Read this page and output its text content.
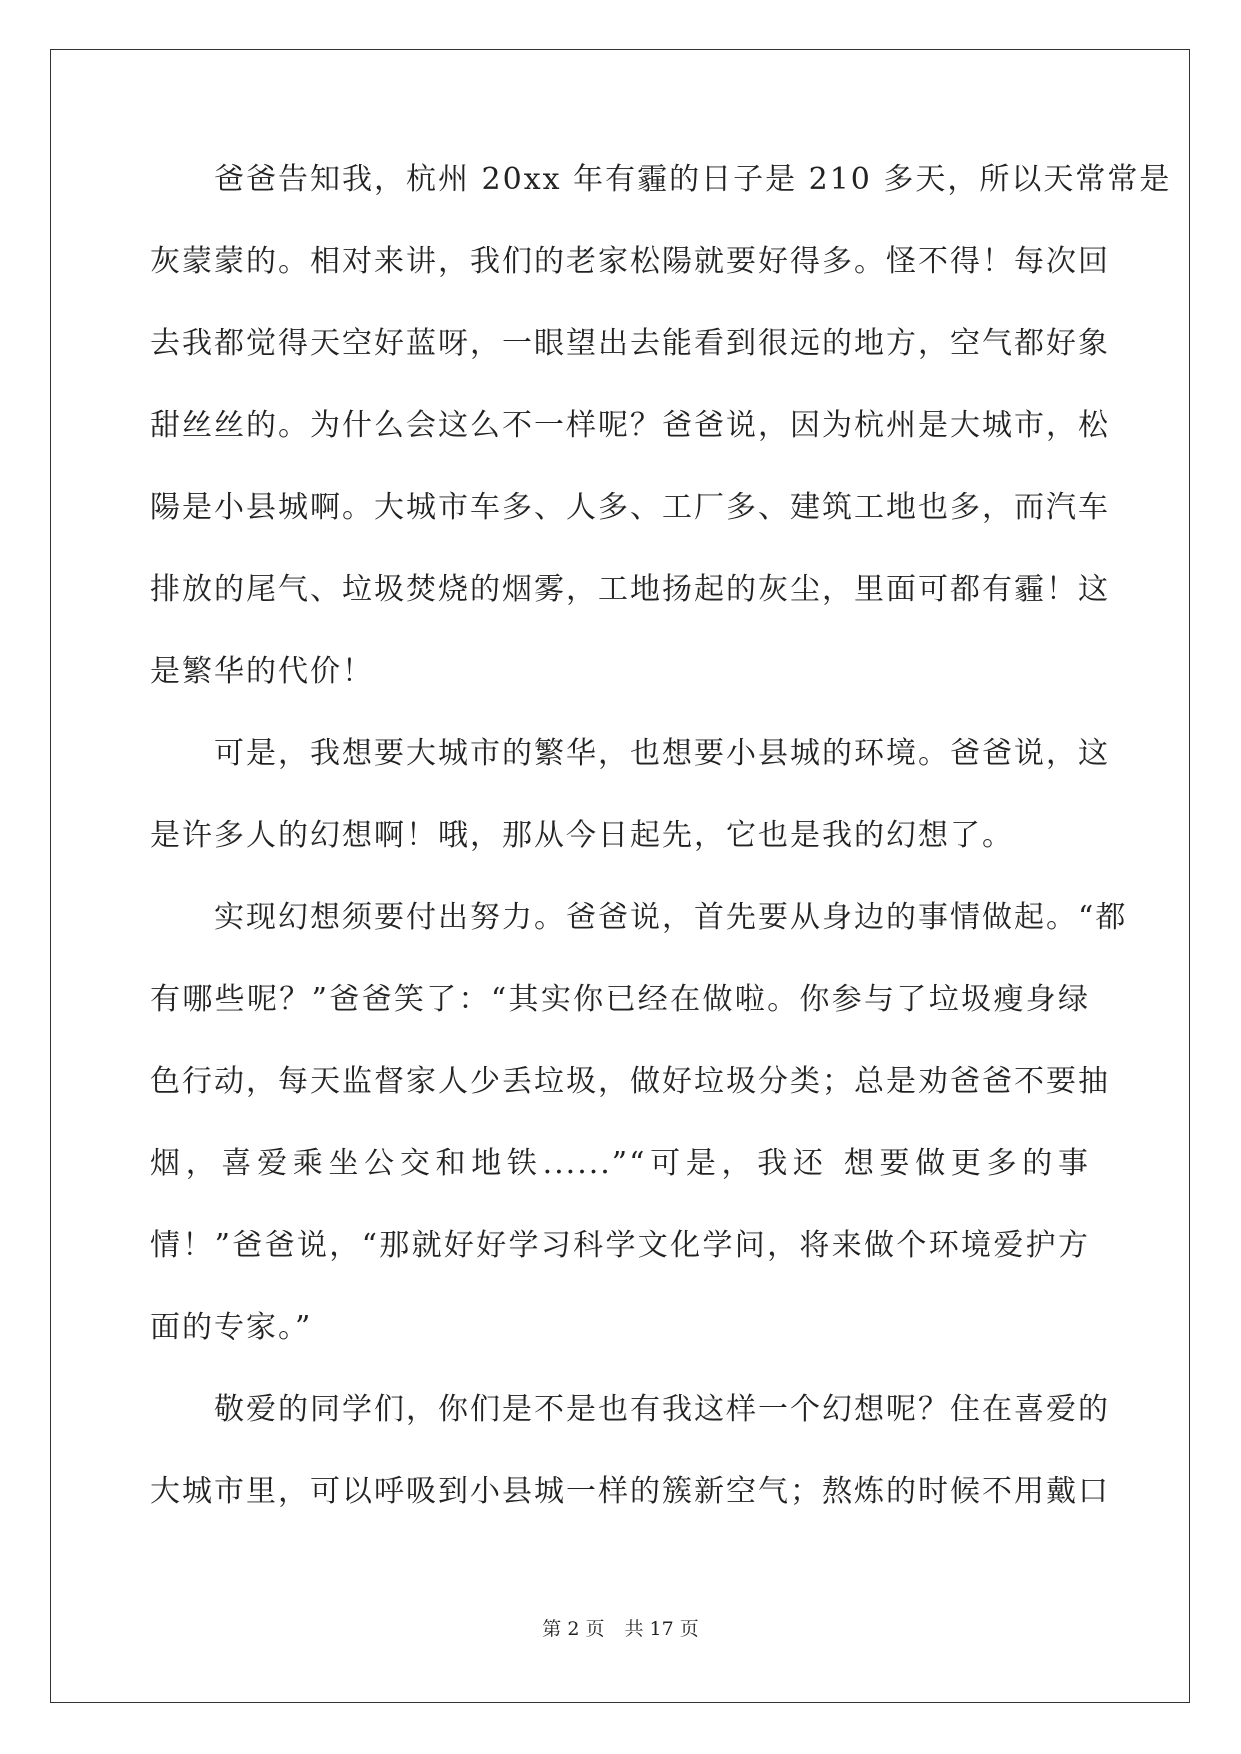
爸爸告知我，杭州 20xx 年有霾的日子是 210 多天，所以天常常是
灰蒙蒙的。相对来讲，我们的老家松陽就要好得多。怪不得！每次回
去我都觉得天空好蓝呀，一眼望出去能看到很远的地方，空气都好象
甜丝丝的。为什么会这么不一样呢？爸爸说，因为杭州是大城市，松
陽是小县城啊。大城市车多、人多、工厂多、建筑工地也多，而汽车
排放的尾气、垃圾焚烧的烟雾，工地扬起的灰尘，里面可都有霾！这
是繁华的代价！
可是，我想要大城市的繁华，也想要小县城的环境。爸爸说，这
是许多人的幻想啊！哦，那从今日起先，它也是我的幻想了。
实现幻想须要付出努力。爸爸说，首先要从身边的事情做起。“都
有哪些呢？”爸爸笑了：“其实你已经在做啦。你参与了垃圾瘦身绿
色行动，每天监督家人少丢垃圾，做好垃圾分类；总是劝爸爸不要抽
烟，喜爱乘坐公交和地铁......”“可是，我还 想要做更多的事
情！”爸爸说，“那就好好学习科学文化学问，将来做个环境爱护方
面的专家。”
敬爱的同学们，你们是不是也有我这样一个幻想呢？住在喜爱的
大城市里，可以呼吸到小县城一样的簇新空气；熬炼的时候不用戴口
第 2 页 共 17 页
